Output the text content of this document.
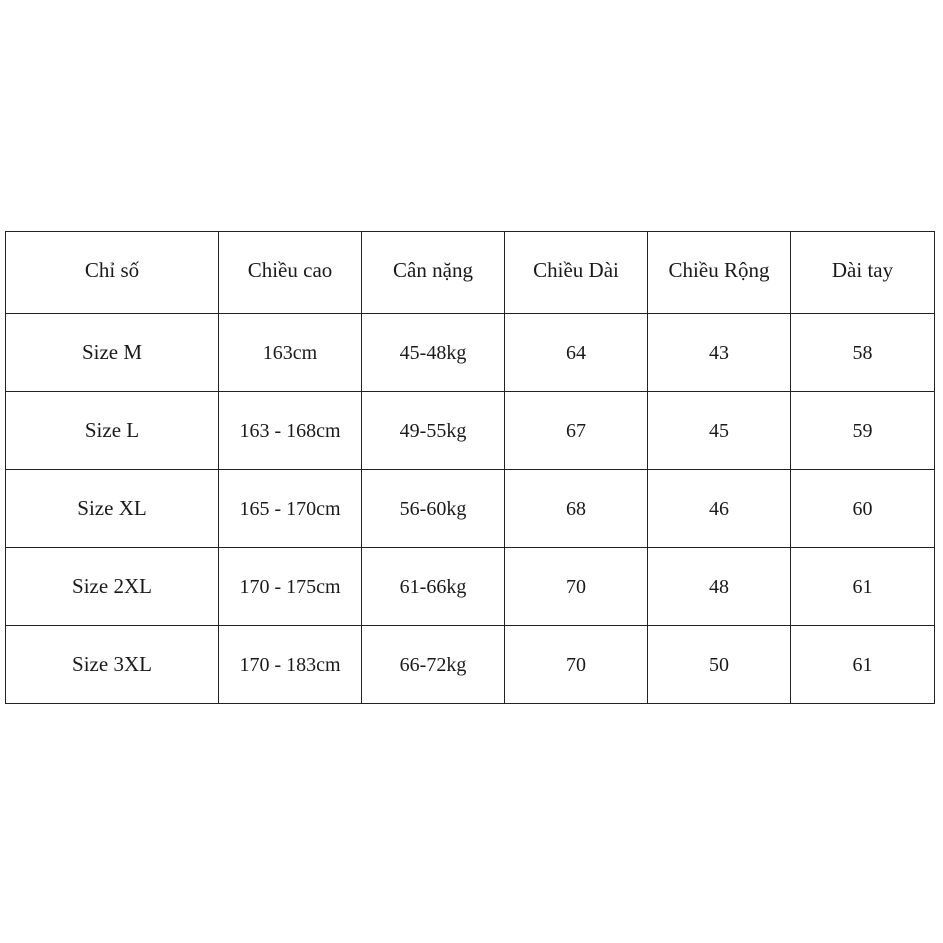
Chỉ số	Chiều cao	Cân nặng	Chiều Dài	Chiều Rộng	Dài tay
Size M	163cm	45-48kg	64	43	58
Size L	163 - 168cm	49-55kg	67	45	59
Size XL	165 - 170cm	56-60kg	68	46	60
Size 2XL	170 - 175cm	61-66kg	70	48	61
Size 3XL	170 - 183cm	66-72kg	70	50	61
